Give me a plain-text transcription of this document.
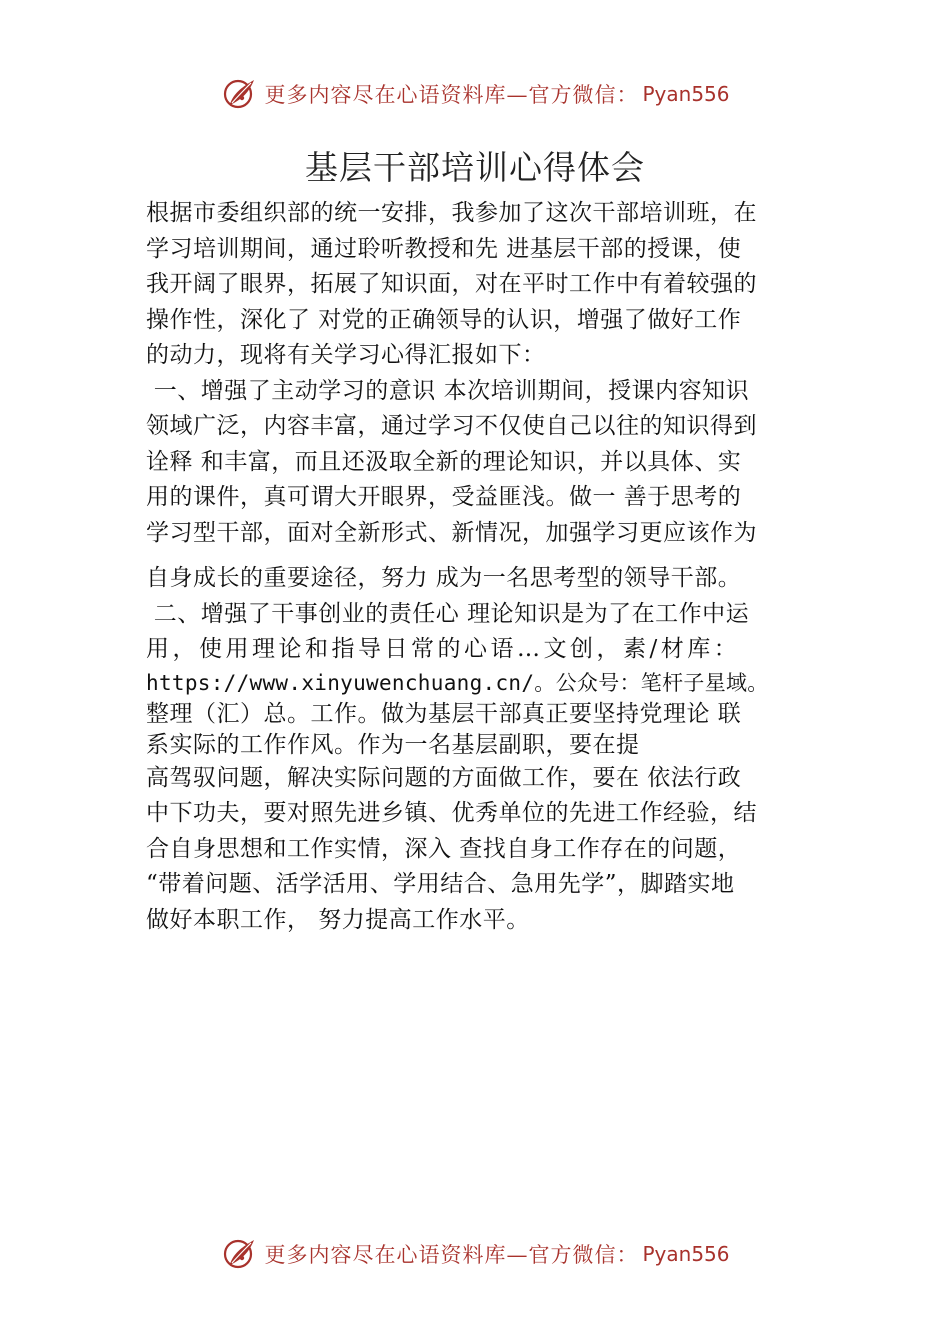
更多内容尽在心语资料库—官方微信： Pyan556
基层干部培训心得体会
根据市委组织部的统一安排，我参加了这次干部培训班，在
学习培训期间，通过聆听教授和先 进基层干部的授课，使
我开阔了眼界，拓展了知识面，对在平时工作中有着较强的
操作性，深化了 对党的正确领导的认识，增强了做好工作
的动力，现将有关学习心得汇报如下：
一、增强了主动学习的意识 本次培训期间，授课内容知识
领域广泛，内容丰富，通过学习不仅使自己以往的知识得到
诠释 和丰富，而且还汲取全新的理论知识，并以具体、实
用的课件，真可谓大开眼界，受益匪浅。做一 善于思考的
学习型干部，面对全新形式、新情况，加强学习更应该作为
自身成长的重要途径，努力 成为一名思考型的领导干部。
二、增强了干事创业的责任心 理论知识是为了在工作中运
用，使用理论和指导日常的心语…文创，素/材库：
https://www.xinyuwenchuang.cn/。公众号：笔杆子星域。
整理（汇）总。工作。做为基层干部真正要坚持党理论 联
系实际的工作作风。作为一名基层副职，要在提
高驾驭问题，解决实际问题的方面做工作，要在 依法行政
中下功夫，要对照先进乡镇、优秀单位的先进工作经验，结
合自身思想和工作实情，深入 查找自身工作存在的问题，
“带着问题、活学活用、学用结合、急用先学”，脚踏实地
做好本职工作， 努力提高工作水平。
更多内容尽在心语资料库—官方微信： Pyan556
